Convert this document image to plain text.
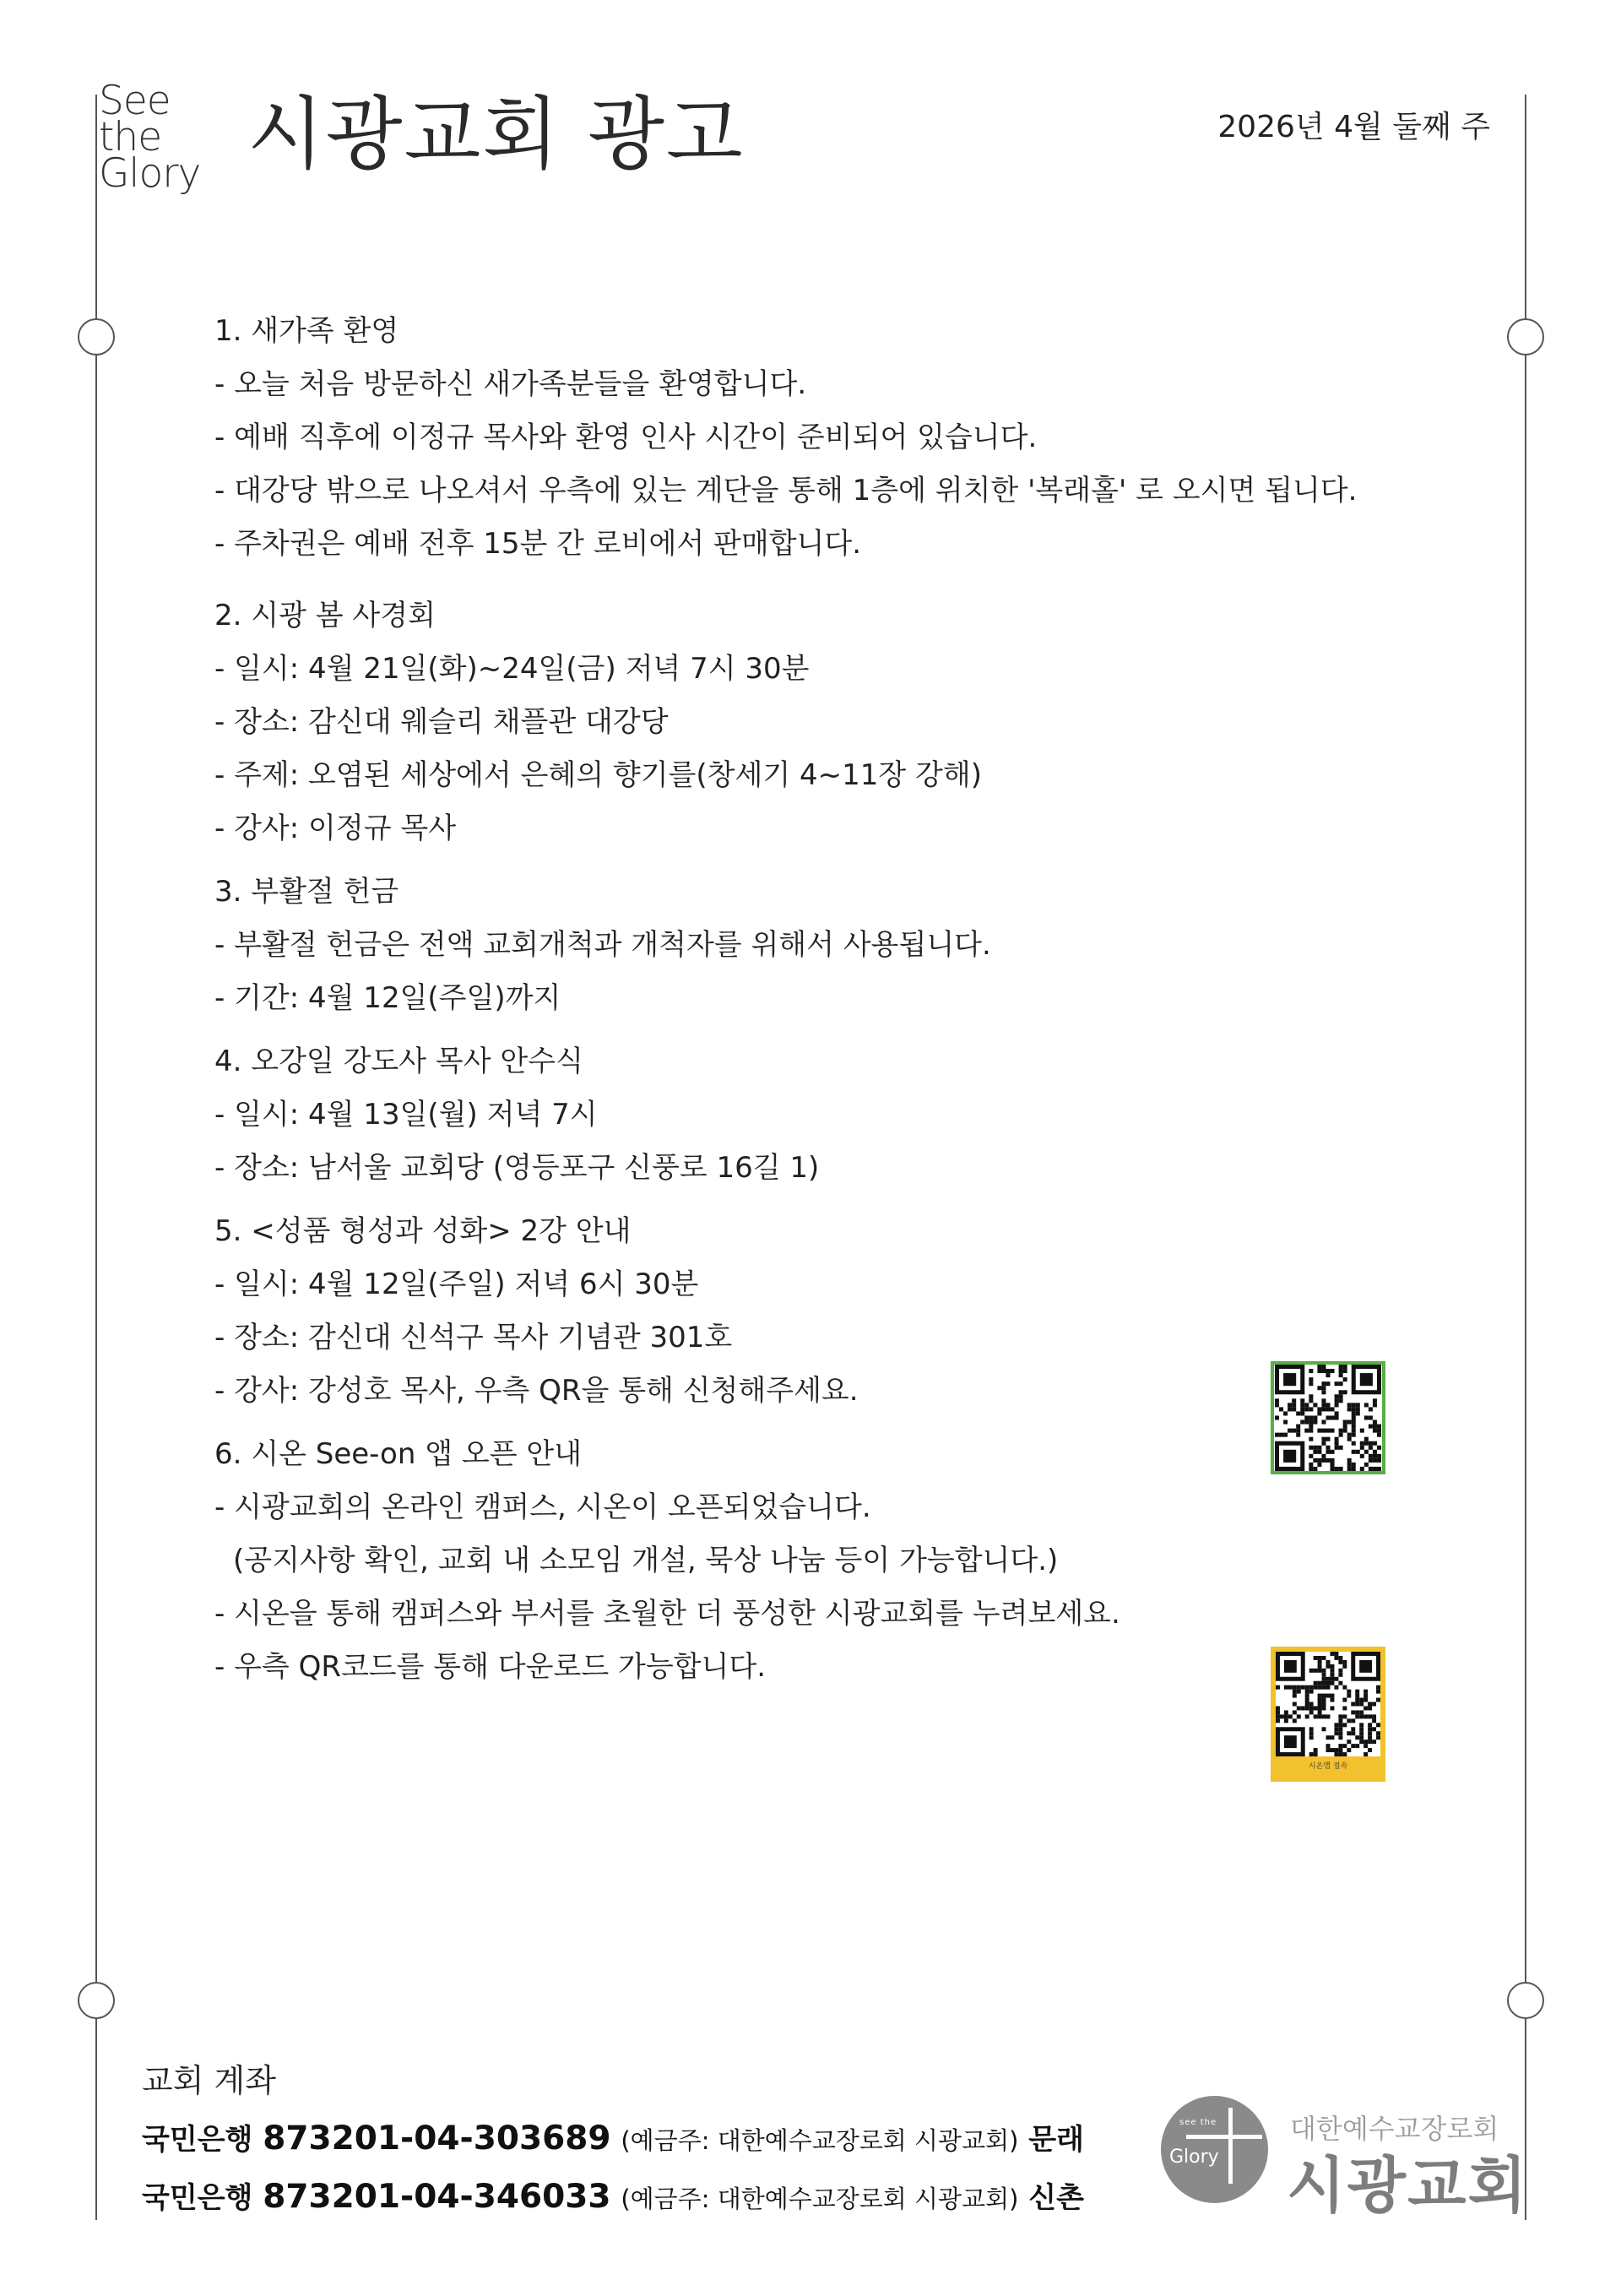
See
the
Glory 시광교회 광고	2026년 4월 둘째 주
1. 새가족 환영
- 오늘 처음 방문하신 새가족분들을 환영합니다.
- 예배 직후에 이정규 목사와 환영 인사 시간이 준비되어 있습니다.
- 대강당 밖으로 나오셔서 우측에 있는 계단을 통해 1층에 위치한 '복래홀' 로 오시면 됩니다.
- 주차권은 예배 전후 15분 간 로비에서 판매합니다.
2. 시광 봄 사경회
- 일시: 4월 21일(화)~24일(금) 저녁 7시 30분
- 장소: 감신대 웨슬리 채플관 대강당
- 주제: 오염된 세상에서 은혜의 향기를(창세기 4~11장 강해)
- 강사: 이정규 목사
3. 부활절 헌금
- 부활절 헌금은 전액 교회개척과 개척자를 위해서 사용됩니다.
- 기간: 4월 12일(주일)까지
4. 오강일 강도사 목사 안수식
- 일시: 4월 13일(월) 저녁 7시
- 장소: 남서울 교회당 (영등포구 신풍로 16길 1)
5. <성품 형성과 성화> 2강 안내
- 일시: 4월 12일(주일) 저녁 6시 30분
- 장소: 감신대 신석구 목사 기념관 301호
- 강사: 강성호 목사, 우측 QR을 통해 신청해주세요.
6. 시온 See-on 앱 오픈 안내
- 시광교회의 온라인 캠퍼스, 시온이 오픈되었습니다.
(공지사항 확인, 교회 내 소모임 개설, 묵상 나눔 등이 가능합니다.)
- 시온을 통해 캠퍼스와 부서를 초월한 더 풍성한 시광교회를 누려보세요.
- 우측 QR코드를 통해 다운로드 가능합니다.
시온앱 접속
교회 계좌
국민은행 873201-04-303689 (예금주: 대한예수교장로회 시광교회) 문래
국민은행 873201-04-346033 (예금주: 대한예수교장로회 시광교회) 신촌
see the
Glory
대한예수교장로회
시광교회
